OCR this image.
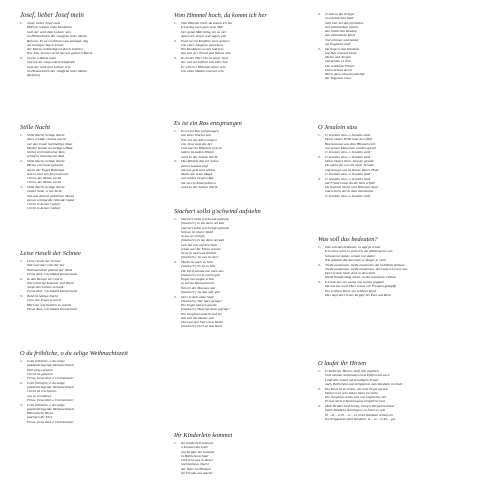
Josef, lieber Josef mein
1.	Josef, lieber Josef mein
Hilf mir wiegen mein Kindelein
Gott der wird dein Lohner sein
im Himmelreich der Jungfrau Sohn Maria
Refrain: Er ist erschienen am heutigen Tag
am heutigen Tag in Israel
der Maria verkündigt ist durch Gabriel
Eia, Eia, Jesum Christ hat uns geboren Maria
2.	Gerne o Maria mein
helf ich dir wiegen dein Kindelein
Gott der wird sein Lohner sein
im Himmelreich der Jungfrau Sohn Maria
(Refrain)
Stille Nacht
1.	Stille Nacht, heilige Nacht
Alles schläft, einsam wacht
nur das traute hochheilige Paar
Holder Knabe im lockigen Haar
Schlaf in himmlischer Ruh
schlaf in himmlischer Ruh
2.	Stille Nacht, heilige Nacht
Hirten erst kund gemacht
durch der Engel Halleluja
tönt es laut von fern und nah:
Christ, der Retter, ist da
Christ, der Retter, ist da
3.	Stille Nacht, heilige Nacht
Gottes Sohn, o wie lacht
lieb aus deinem göttlichen Mund
da uns schlägt die rettende Stund
Christ in deiner Geburt
Christ in deiner Geburt
Leise rieselt der Schnee
1.	Leise rieselt der Schnee
still und starr ruht der See
Weihnachtlich glänzet der Wald
Freue dich, Christkind kommt bald
2.	In den Herzen ist's warm
still schweigt Kummer und Harm
Sorge des Lebens verhallt
Freue dich, Christkind kommt bald
3.	Bald ist heilige Nacht
Chor der Engel erwacht
Hört nur wie lieblich es schallt
Freue dich, Christkind kommt bald
O du fröhliche, o du selige Weihnachtszeit
1.	O du fröhliche, o du selige
gnadenbringende Weihnachtszeit
Welt ging verloren
Christ ist geboren
Freue, freue dich o Christenheit!
2.	O du fröhliche, o du selige
gnadenbringende Weihnachtszeit
Christ ist erschienen
uns zu versühnen
Freue, freue dich o Christenheit!
3.	O du fröhliche, o du selige
gnadenbringende Weihnachtszeit
Himmlische Heere
jauchzen dir Ehre
Freue, freue dich o Christenheit!
Vom Himmel hoch, da komm ich her
1.	Vom Himmel hoch, da komm ich her
Ich bring euch gute neue Mär
Der guten Mär bring ich so viel
davon ich sing'n und sagen will
2.	Euch ist ein Kindlein heut' geborn
von einer Jungfrau auserkorn
Ein Kindelein so zart und fein
das soll eu'r Freud und Wonne sein
3.	Es ist der Herr Christ unser Gott
der will euch führn aus aller Not
Er will eu'r Heiland selber sein
von allen Sünden machen rein
Es ist ein Ros entsprungen
1.	Es ist ein Ros entsprungen
aus einer Wurzel zart
Wie uns die Alten sungen
von Jesse kam die Art
Und hat ein Blümlein bracht
mitten im kalten Winter
wohl zu der halben Nacht
2.	Das Röslein das ich meine
davon Jesaias sagt
hat uns gebracht alleine
Marie die reine Magd
aus Gottes ew'gem Rat
hat sie ein Kind geboren
wohl zu der halben Nacht
Stachert sollst g'schwind aufstehn
1.	Stacherl sollst g'schwind aufstehn
(Stacherl:) Is ma denn net kalt
Stacherl sollst g'schwind aufstehn
Schnee ist übern Wald
la ma no schlafn
(Stacherl:) Is ma denn net kalt
Geh mit mir auf den Stall
schau was für Ehren kommt
let ja so hell und lieblich
(Stacherl:) Ja was ist des?
2.	Mackl ist auch so bein'
(Stacherl:) Es ist so hell
Die Pfeif nimma nur auch aus
(Stacherl:) Ist ja schön gut!
Engel hat eingen schon
es sei ein Kind geboren
Wenn's der Messias wär
(Stacherl:) Ja, das wär gut!
3.	Dort in dem alten Stall
(Stacherl:) Wer hat's gesagt?
Ein Engel hab ich glaubt
(Stacherl:) Hast ihn denn gefragt?
Ein Jungfrau kniecht und ein
das soll die Mutter sein
Dort aus der Stern nun bleibt
(Stacherl:) Dort ist das Kind
Ihr Kinderlein kommet
1.	Ihr Kinderlein kommet
o kommet doch all!
Zur Krippe her kommet
in Bethlehems Stall
Und seht was in dieser
hochheiligen Nacht
der Vater im Himmel
für Freude uns macht!
3.	O seht in der Krippe
im nächtlichen Stall
Seht hier bei des Lichtleins
hell glänzendem Strahl
den lieblichen Knaben
das himmlische Kind
Viel schöner und holder
als Engelein sind!
3.	Da liegt es das Kindlein
auf Heu und auf Stroh
Maria und Joseph
betrachten es froh
Die redlichen Hirten
knien betend davor
Hoch oben schwebt jubelnd
der Engelein Chor
O Jesulein süss
1.	O Jesulein süss, o Jesulein mild
Deins Vaters Willn hast du erfüllt
Bist kommen aus dem Himmelreich
uns armen Menschen worden gleich
O Jesulein süss, o Jesulein mild
2.	O Jesulein süss, o Jesulein mild
Deins Vaters Zorn, hast du gestillt
Du zahlst für uns all unser Schuld
und bringst uns in deines Vaters Huld
O Jesulein süss, o Jesulein mild
3.	O Jesulein süss, o Jesulein mild
mit Freud'n hast du die Welt erfüllt
Du kommst herab vom Himmels Saal
und tröst'st uns in dem Jammertal
O Jesulein süss, o Jesulein mild
Was soll das bedeuten?
1.	Was soll das bedeuten, es tagt ja schon
Ich weiss wohl es geht erst um Mitternacht rum
Schaut nur daher, schaut nur daher
Wie glänzen die Sternlein je länger je mehr
2.	Treibt zusammen, treibt zusammen die Schäflein fürbass
Treibt zusammen, treibt zusammen, dort zeig ich euch was
Dort in dem Stall, dort in dem Stall
Werdt Wunderding sehen, treibt zusammen einmal
3.	Ich hab nur ein wenig von weiten gugatzt
Da hat mir mein Herz schon vor Freuden gehupfft
Ein schönes Kind, ein schönes Kind
Das liegt dort in der Krippe bei Esel und Rind
O laufet ihr Hirten
1.	O laufet ihr Hirten, lauft alle zugleich
Und nehmet Schalmeien und Pfeifen mit euch
Lauft alle zumal mit freudigem Schall
nach Bethlehem zum Krippelein zum Kindlein im Stall
2.	Ein Kind ist zu sehen, wie zum Engel sprach
Dabei euch sein lieber Vater ist stehn
Ein Jungfrau schön zart von englischer Art
Es hat mich erbarmet ganz innigliche hart
3.	Mein Bruder lauf hurtig, bring's Wiegelein daher
Walls Kindlein dreinlegen, so friert es sehr
Ei – ei – ei Ei – ei – ei, liebs Kindlein schlaf ein
Ins Krippelein zieht Kindlein, ei – ei – ei Pu – pei
